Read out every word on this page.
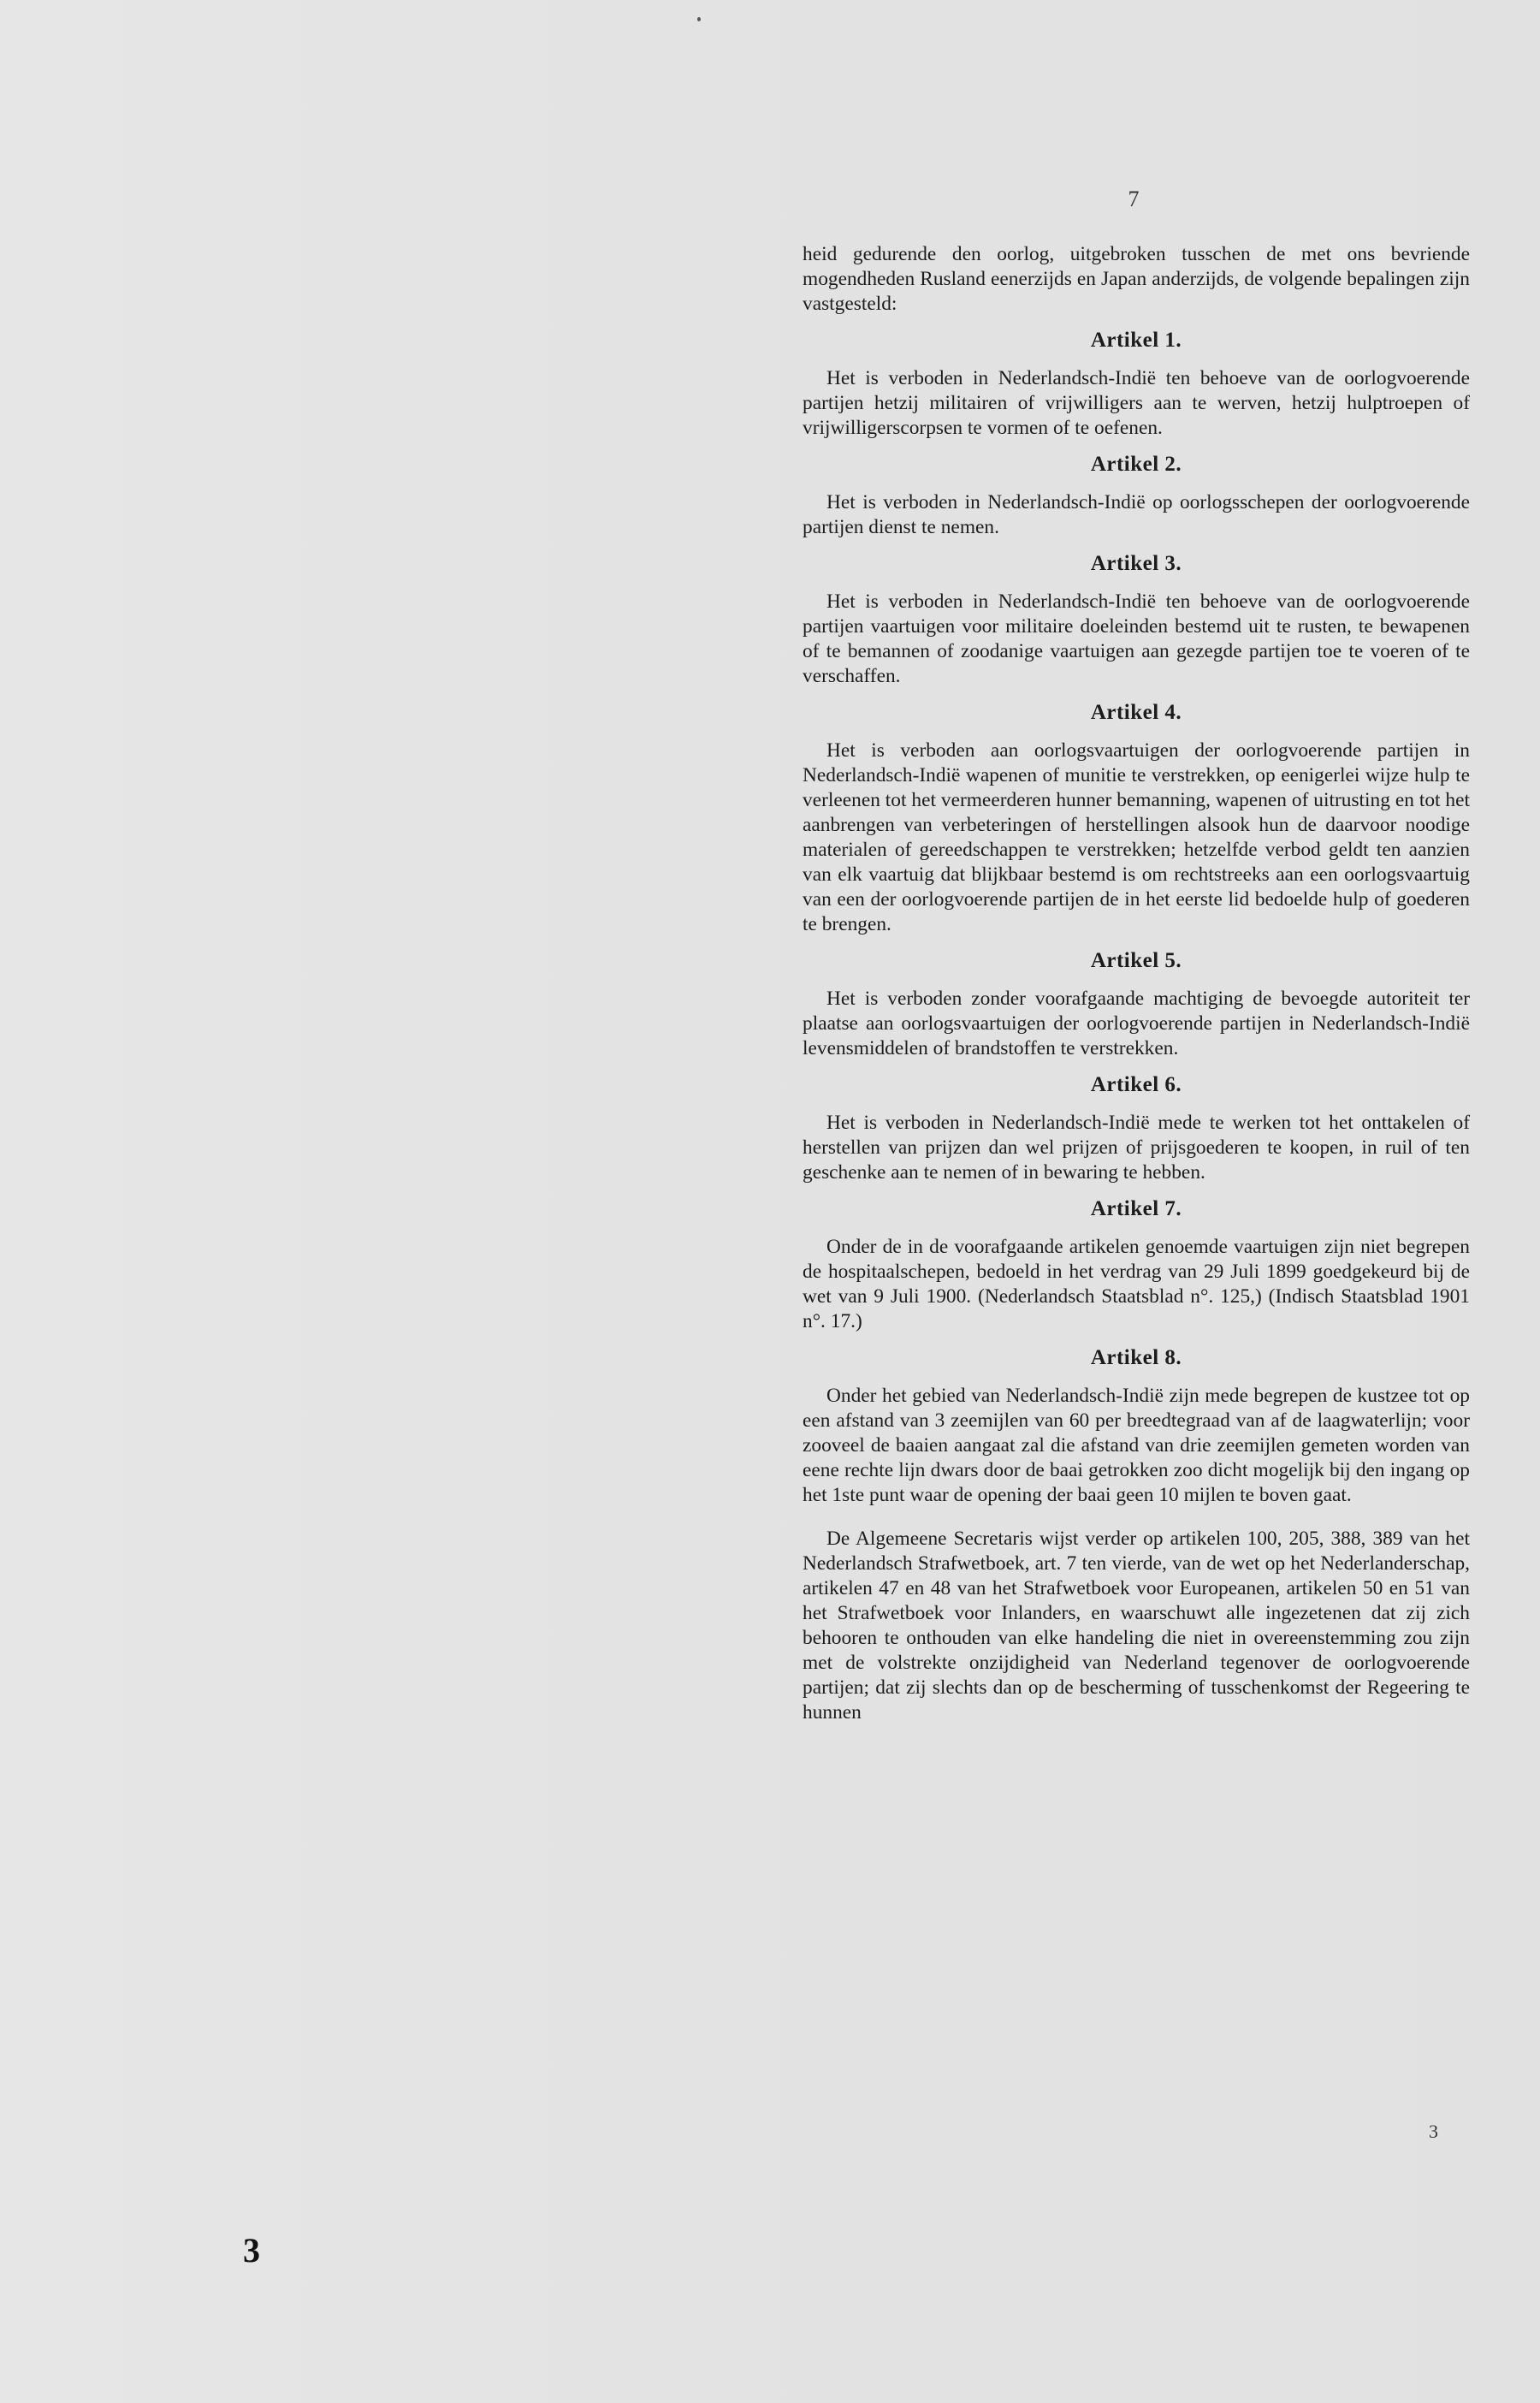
7

heid gedurende den oorlog, uitgebroken tusschen de met ons bevriende mogendheden Rusland eenerzijds en Japan anderzijds, de volgende bepalingen zijn vastgesteld:

Artikel 1.

Het is verboden in Nederlandsch-Indië ten behoeve van de oorlogvoerende partijen hetzij militairen of vrijwilligers aan te werven, hetzij hulptroepen of vrijwilligerscorpsen te vormen of te oefenen.

Artikel 2.

Het is verboden in Nederlandsch-Indië op oorlogsschepen der oorlogvoerende partijen dienst te nemen.

Artikel 3.

Het is verboden in Nederlandsch-Indië ten behoeve van de oorlogvoerende partijen vaartuigen voor militaire doeleinden bestemd uit te rusten, te bewapenen of te bemannen of zoodanige vaartuigen aan gezegde partijen toe te voeren of te verschaffen.

Artikel 4.

Het is verboden aan oorlogsvaartuigen der oorlogvoerende partijen in Nederlandsch-Indië wapenen of munitie te verstrekken, op eenigerlei wijze hulp te verleenen tot het vermeerderen hunner bemanning, wapenen of uitrusting en tot het aanbrengen van verbeteringen of herstellingen alsook hun de daarvoor noodige materialen of gereedschappen te verstrekken; hetzelfde verbod geldt ten aanzien van elk vaartuig dat blijkbaar bestemd is om rechtstreeks aan een oorlogsvaartuig van een der oorlogvoerende partijen de in het eerste lid bedoelde hulp of goederen te brengen.

Artikel 5.

Het is verboden zonder voorafgaande machtiging de bevoegde autoriteit ter plaatse aan oorlogsvaartuigen der oorlogvoerende partijen in Nederlandsch-Indië levensmiddelen of brandstoffen te verstrekken.

Artikel 6.

Het is verboden in Nederlandsch-Indië mede te werken tot het onttakelen of herstellen van prijzen dan wel prijzen of prijsgoederen te koopen, in ruil of ten geschenke aan te nemen of in bewaring te hebben.

Artikel 7.

Onder de in de voorafgaande artikelen genoemde vaartuigen zijn niet begrepen de hospitaalschepen, bedoeld in het verdrag van 29 Juli 1899 goedgekeurd bij de wet van 9 Juli 1900. (Nederlandsch Staatsblad n°. 125,) (Indisch Staatsblad 1901 n°. 17.)

Artikel 8.

Onder het gebied van Nederlandsch-Indië zijn mede begrepen de kustzee tot op een afstand van 3 zeemijlen van 60 per breedtegraad van af de laagwaterlijn; voor zooveel de baaien aangaat zal die afstand van drie zeemijlen gemeten worden van eene rechte lijn dwars door de baai getrokken zoo dicht mogelijk bij den ingang op het 1ste punt waar de opening der baai geen 10 mijlen te boven gaat.

De Algemeene Secretaris wijst verder op artikelen 100, 205, 388, 389 van het Nederlandsch Strafwetboek, art. 7 ten vierde, van de wet op het Nederlanderschap, artikelen 47 en 48 van het Strafwetboek voor Europeanen, artikelen 50 en 51 van het Strafwetboek voor Inlanders, en waarschuwt alle ingezetenen dat zij zich behooren te onthouden van elke handeling die niet in overeenstemming zou zijn met de volstrekte onzijdigheid van Nederland tegenover de oorlogvoerende partijen; dat zij slechts dan op de bescherming of tusschenkomst der Regeering te hunnen

3
3
